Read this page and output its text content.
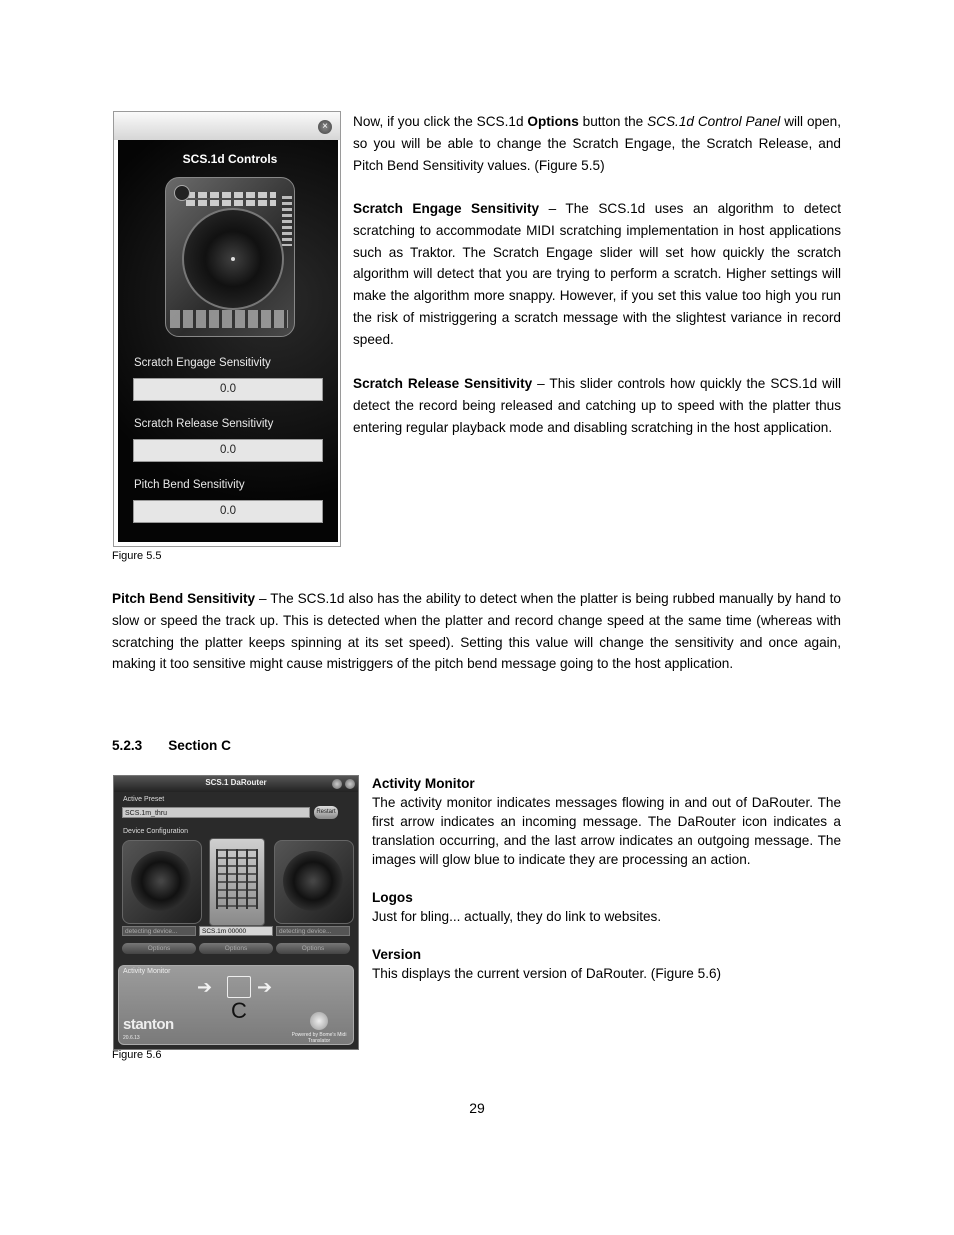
×
SCS.1d Controls
Scratch Engage Sensitivity
0.0
Scratch Release Sensitivity
0.0
Pitch Bend Sensitivity
0.0
Figure 5.5
Now, if you click the SCS.1d Options button the SCS.1d Control Panel will open, so you will be able to change the Scratch Engage, the Scratch Release, and Pitch Bend Sensitivity values. (Figure 5.5)
Scratch Engage Sensitivity – The SCS.1d uses an algorithm to detect scratching to accommodate MIDI scratching implementation in host applications such as Traktor. The Scratch Engage slider will set how quickly the scratch algorithm will detect that you are trying to perform a scratch. Higher settings will make the algorithm more snappy. However, if you set this value too high you run the risk of mistriggering a scratch message with the slightest variance in record speed.
Scratch Release Sensitivity – This slider controls how quickly the SCS.1d will detect the record being released and catching up to speed with the platter thus entering regular playback mode and disabling scratching in the host application.
Pitch Bend Sensitivity – The SCS.1d also has the ability to detect when the platter is being rubbed manually by hand to slow or speed the track up. This is detected when the platter and record change speed at the same time (whereas with scratching the platter keeps spinning at its set speed). Setting this value will change the sensitivity and once again, making it too sensitive might cause mistriggers of the pitch bend message going to the host application.
5.2.3 Section C
SCS.1 DaRouter
Active Preset
SCS.1m_thru	Restart
Device Configuration
detecting device...	SCS.1m 00000	detecting device...
Options	Options	Options
Activity Monitor
➔	➔
C
stanton
20.6.13	Powered by Bome's Midi Translator
Figure 5.6
Activity Monitor
The activity monitor indicates messages flowing in and out of DaRouter. The first arrow indicates an incoming message. The DaRouter icon indicates a translation occurring, and the last arrow indicates an outgoing message. The images will glow blue to indicate they are processing an action.
Logos
Just for bling... actually, they do link to websites.
Version
This displays the current version of DaRouter. (Figure 5.6)
29
